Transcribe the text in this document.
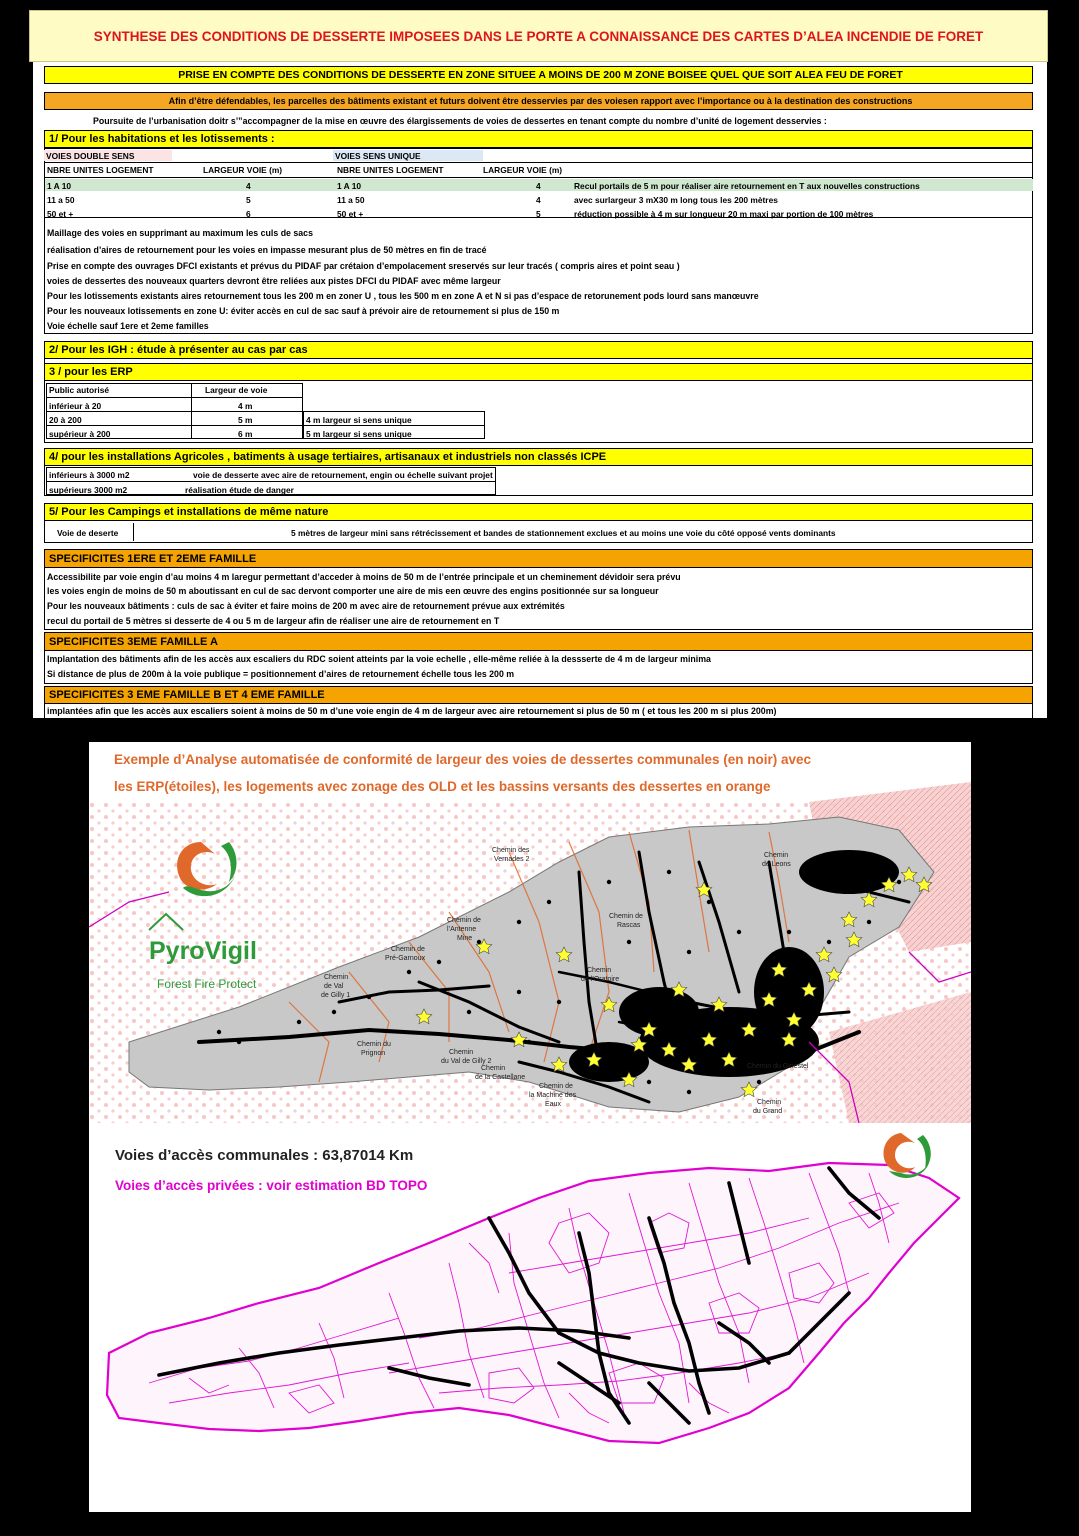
SYNTHESE DES CONDITIONS DE DESSERTE IMPOSEES DANS LE PORTE A CONNAISSANCE DES CARTES D’ALEA INCENDIE DE FORET
PRISE EN COMPTE DES CONDITIONS DE DESSERTE EN ZONE SITUEE A MOINS DE 200 M ZONE BOISEE QUEL QUE SOIT ALEA FEU DE FORET
Afin d’être défendables, les parcelles des bâtiments existant et futurs doivent être desservies par des voiesen rapport avec l’importance ou à la destination des constructions
Poursuite de l’urbanisation doitr s’”accompagner de la mise en œuvre des élargissements de voies de dessertes en tenant compte du nombre d’unité de logement desservies :
1/ Pour les habitations et les lotissements :
VOIES DOUBLE SENS	VOIES SENS UNIQUE
NBRE UNITES LOGEMENT	LARGEUR VOIE (m)	NBRE UNITES LOGEMENT	LARGEUR VOIE (m)
1 A 10	4	1 A 10	4	Recul portails de 5 m pour réaliser aire retournement en T aux nouvelles constructions
11 a 50	5	11 a 50	4	avec surlargeur 3 mX30 m long tous les 200 mètres
50 et +	6	50 et +	5	réduction possible à 4 m sur longueur 20 m maxi par portion de 100 mètres
Maillage des voies en supprimant au maximum les culs de sacs
réalisation d’aires de retournement pour les voies en impasse mesurant plus de 50 mètres en fin de tracé
Prise en compte des ouvrages DFCI existants et prévus du PIDAF par crétaion d’empolacement sreservés sur leur tracés ( compris aires et point seau )
voies de dessertes des nouveaux quarters devront être reliées aux pistes DFCI du PIDAF avec même largeur
Pour les lotissements existants aires retournement tous les 200 m en zoner U , tous les 500 m en zone A et N si pas d’espace de retorunement pods lourd sans manœuvre
Pour les nouveaux lotissements en zone U: éviter accès en cul de sac sauf à prévoir aire de retournement si plus de 150 m
Voie échelle sauf 1ere et 2eme familles
2/ Pour les IGH : étude à présenter au cas par cas
3 / pour les ERP
Public autorisé	Largeur de voie
inférieur à 20	4 m
20 à 200	5 m	4 m largeur si sens unique
supérieur à 200	6 m	5 m largeur si sens unique
4/ pour les installations Agricoles , batiments à usage tertiaires, artisanaux et industriels non classés ICPE
inférieurs à 3000 m2	voie de desserte avec aire de retournement, engin ou échelle suivant projet
supérieurs 3000 m2	réalisation étude de danger
5/ Pour les Campings et installations de même nature
Voie de deserte	5 mètres de largeur mini sans rétrécissement et bandes de stationnement exclues et au moins une voie du côté opposé vents dominants
SPECIFICITES 1ERE ET 2EME FAMILLE
Accessibilite par voie engin d’au moins 4 m laregur permettant d’acceder à moins de 50 m de l’entrée principale et un cheminement dévidoir sera prévu
les voies engin de moins de 50 m aboutissant en cul de sac dervont comporter une aire de mis een œuvre des engins positionnée sur sa longueur
Pour les nouveaux bâtiments : culs de sac à éviter et faire moins de 200 m avec aire de retournement prévue aux extrémités
recul du portail de 5 mètres si desserte de 4 ou 5 m de largeur afin de réaliser une aire de retournement en T
SPECIFICITES 3EME FAMILLE A
Implantation des bâtiments afin de les accès aux escaliers du RDC soient atteints par la voie echelle , elle-même reliée à la dessserte de 4 m de largeur minima
Si distance de plus de 200m à la voie publique = positionnement d’aires de retournement échelle tous les 200 m
SPECIFICITES 3 EME FAMILLE B ET 4 EME FAMILLE
implantées afin que les accès aux escaliers soient à moins de 50 m d’une voie engin de 4 m de largeur avec aire retournement si plus de 50 m ( et tous les 200 m si plus 200m)
PyroVigil
Forest Fire Protect
Chemin des
Vernades 2
Chemin
de Leons
Chemin de
l’Antenne
Mine
Chemin de
Rascas
Chemin de
Pré-Garnoux
Chemin
de l’Oratoire
Chemin
de Val
de Gilly 1
Chemin du
Prignon	Chemin
du Val de Gilly 2
Chemin
de la Castellane
Chemin de
la Machine des
Eaux
Chemin du Ginestel
Chemin
du Grand
Exemple d’Analyse automatisée de conformité de largeur des voies de dessertes communales (en noir) avec
les ERP(étoiles), les logements avec zonage des OLD et les bassins versants des dessertes en orange
Voies d’accès communales : 63,87014 Km
Voies d’accès privées : voir estimation BD TOPO
